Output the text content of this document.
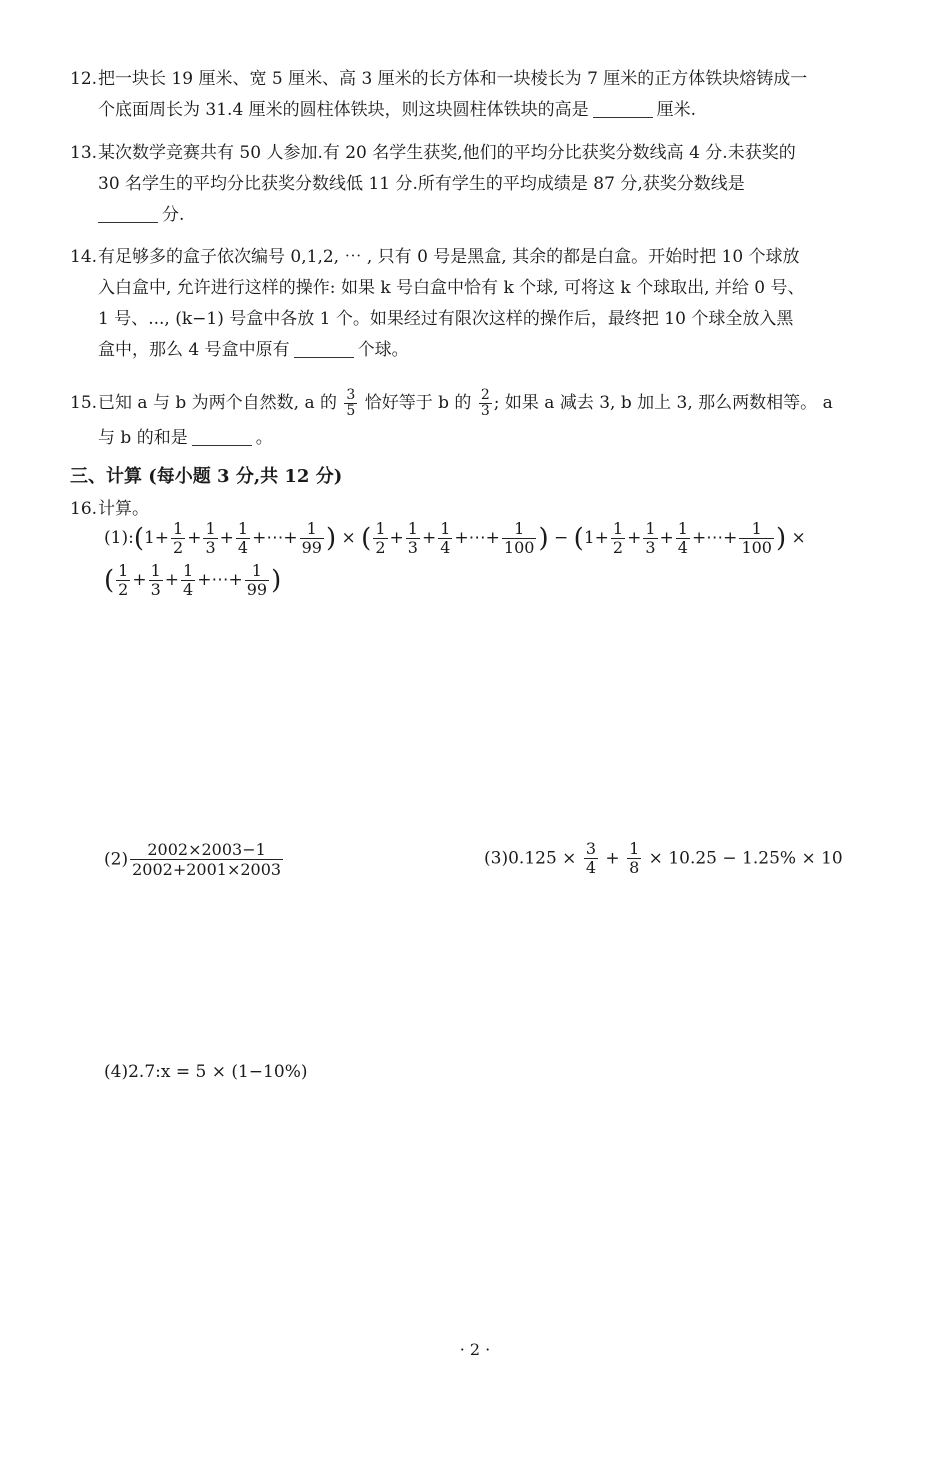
12.把一块长 19 厘米、宽 5 厘米、高 3 厘米的长方体和一块棱长为 7 厘米的正方体铁块熔铸成一
个底面周长为 31.4 厘米的圆柱体铁块，则这块圆柱体铁块的高是	厘米.
13.某次数学竞赛共有 50 人参加.有 20 名学生获奖,他们的平均分比获奖分数线高 4 分.未获奖的
30 名学生的平均分比获奖分数线低 11 分.所有学生的平均成绩是 87 分,获奖分数线是
分.
14.有足够多的盒子依次编号 0,1,2, ⋯ , 只有 0 号是黑盒, 其余的都是白盒。开始时把 10 个球放
入白盒中, 允许进行这样的操作: 如果 k 号白盒中恰有 k 个球, 可将这 k 个球取出, 并给 0 号、
1 号、..., (k−1) 号盒中各放 1 个。如果经过有限次这样的操作后，最终把 10 个球全放入黑
盒中，那么 4 号盒中原有	个球。
15.已知 a 与 b 为两个自然数, a 的 $\frac{3}{5}$ 恰好等于 b 的 $\frac{2}{3}$ ; 如果 a 减去 3, b 加上 3, 那么两数相等。 a
与 b 的和是	。
三、计算 (每小题 3 分,共 12 分)
16.计算。
(1):(1+ $\frac{1}{2} + \frac{1}{3} + \frac{1}{4}$ +⋯+ $\frac{1}{99}$ ) × ( $\frac{1}{2} + \frac{1}{3} + \frac{1}{4}$ +⋯+ $\frac{1}{100}$ ) − ($1+ \frac{1}{2} + \frac{1}{3} + \frac{1}{4}$ +⋯+ $\frac{1}{100}$ ) ×
( $\frac{1}{2} + \frac{1}{3} + \frac{1}{4}$ +⋯+ $\frac{1}{99}$ )
$(2) \frac{2002\times 2003-1}{2002+2001\times 2003}$	$(3)0.125 \times \frac{3}{4} + \frac{1}{8} \times 10.25 - 1.25\% \times 10$
(4)2.7:x = 5 × (1−10%)
· 2 ·
